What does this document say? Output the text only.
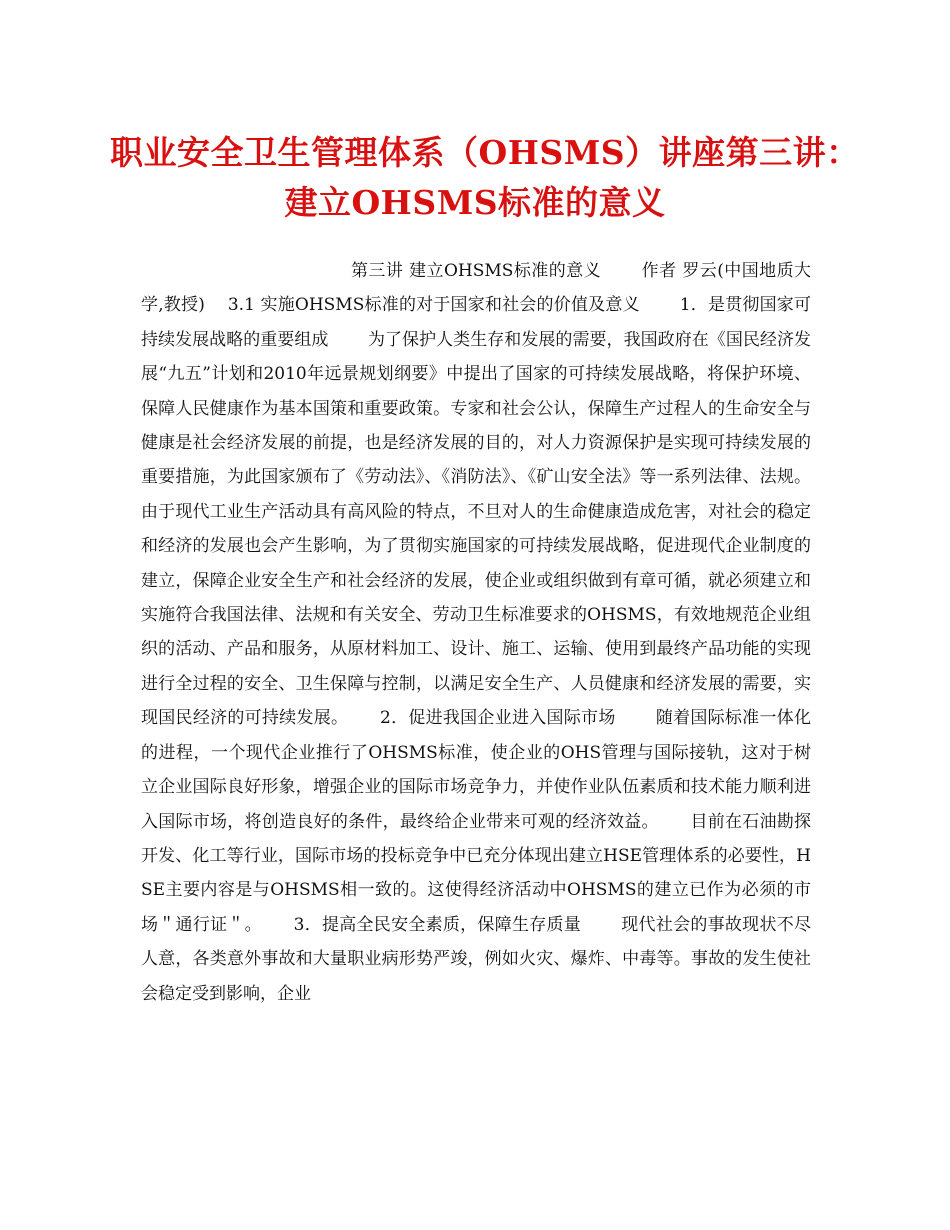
职业安全卫生管理体系（OHSMS）讲座第三讲：
建立OHSMS标准的意义

第三讲 建立OHSMS标准的意义　　 作者 罗云(中国地质大学,教授)　 3.1 实施OHSMS标准的对于国家和社会的价值及意义　　 1．是贯彻国家可持续发展战略的重要组成　　 为了保护人类生存和发展的需要，我国政府在《国民经济发展“九五”计划和2010年远景规划纲要》中提出了国家的可持续发展战略，将保护环境、保障人民健康作为基本国策和重要政策。专家和社会公认，保障生产过程人的生命安全与健康是社会经济发展的前提，也是经济发展的目的，对人力资源保护是实现可持续发展的重要措施，为此国家颁布了《劳动法》、《消防法》、《矿山安全法》等一系列法律、法规。由于现代工业生产活动具有高风险的特点，不旦对人的生命健康造成危害，对社会的稳定和经济的发展也会产生影响，为了贯彻实施国家的可持续发展战略，促进现代企业制度的建立，保障企业安全生产和社会经济的发展，使企业或组织做到有章可循，就必须建立和实施符合我国法律、法规和有关安全、劳动卫生标准要求的OHSMS，有效地规范企业组织的活动、产品和服务，从原材料加工、设计、施工、运输、使用到最终产品功能的实现进行全过程的安全、卫生保障与控制，以满足安全生产、人员健康和经济发展的需要，实现国民经济的可持续发展。　　 2．促进我国企业进入国际市场　　 随着国际标准一体化的进程，一个现代企业推行了OHSMS标准，使企业的OHS管理与国际接轨，这对于树立企业国际良好形象，增强企业的国际市场竞争力，并使作业队伍素质和技术能力顺利进入国际市场，将创造良好的条件，最终给企业带来可观的经济效益。　　 目前在石油勘探开发、化工等行业，国际市场的投标竞争中已充分体现出建立HSE管理体系的必要性，HSE主要内容是与OHSMS相一致的。这使得经济活动中OHSMS的建立已作为必须的市场＂通行证＂。　　 3．提高全民安全素质，保障生存质量　　 现代社会的事故现状不尽人意，各类意外事故和大量职业病形势严竣，例如火灾、爆炸、中毒等。事故的发生使社会稳定受到影响，企业
